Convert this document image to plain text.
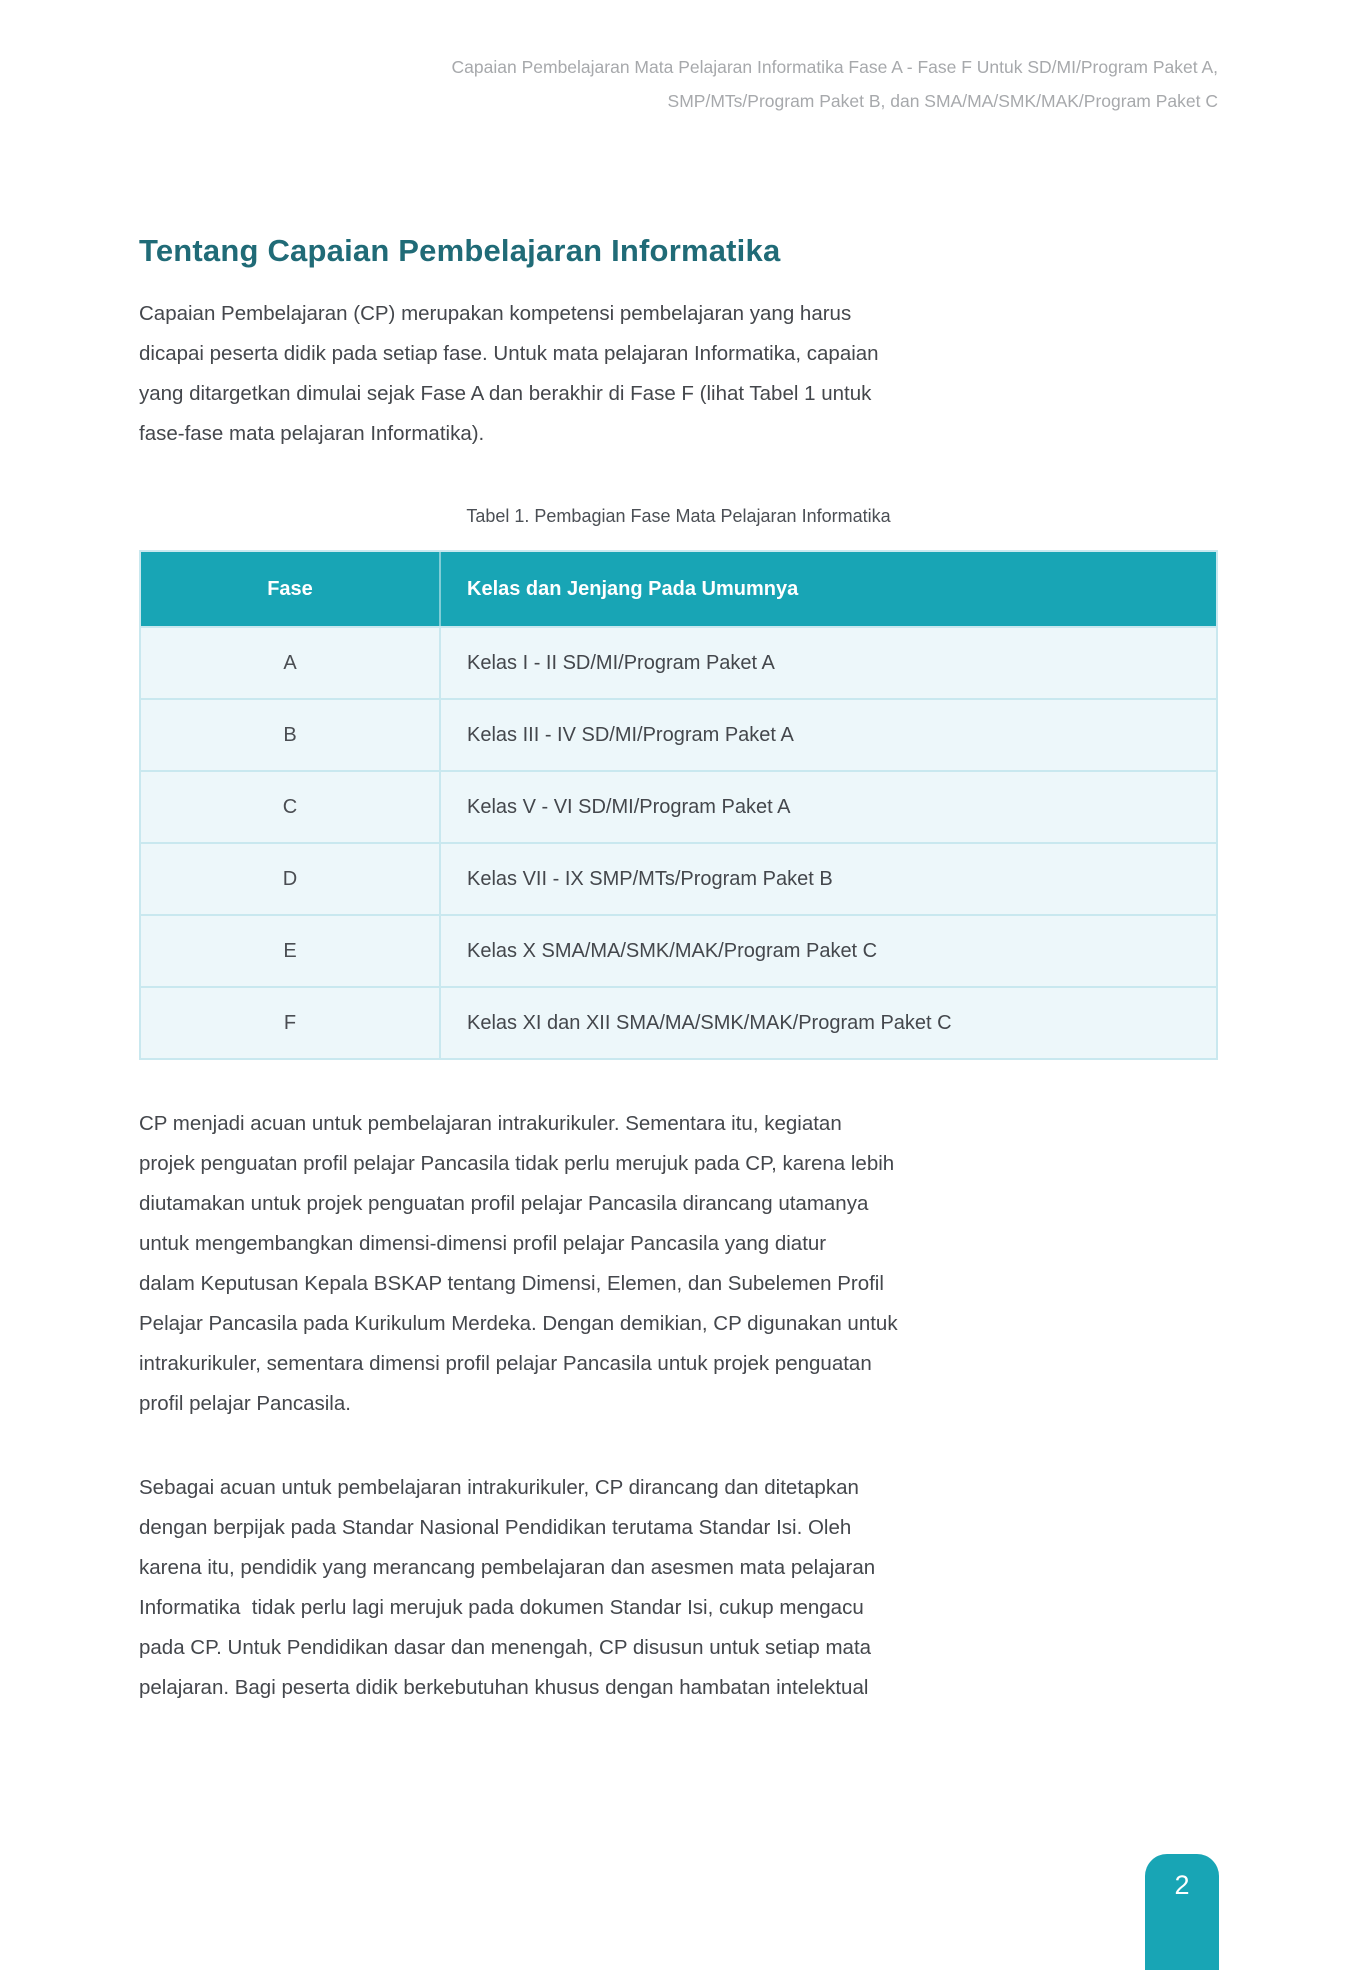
Capaian Pembelajaran Mata Pelajaran Informatika Fase A - Fase F Untuk SD/MI/Program Paket A,
SMP/MTs/Program Paket B, dan SMA/MA/SMK/MAK/Program Paket C
Tentang Capaian Pembelajaran Informatika
Capaian Pembelajaran (CP) merupakan kompetensi pembelajaran yang harus
dicapai peserta didik pada setiap fase. Untuk mata pelajaran Informatika, capaian
yang ditargetkan dimulai sejak Fase A dan berakhir di Fase F (lihat Tabel 1 untuk
fase-fase mata pelajaran Informatika).
Tabel 1. Pembagian Fase Mata Pelajaran Informatika
Fase	Kelas dan Jenjang Pada Umumnya
A	Kelas I - II SD/MI/Program Paket A
B	Kelas III - IV SD/MI/Program Paket A
C	Kelas V - VI SD/MI/Program Paket A
D	Kelas VII - IX SMP/MTs/Program Paket B
E	Kelas X SMA/MA/SMK/MAK/Program Paket C
F	Kelas XI dan XII SMA/MA/SMK/MAK/Program Paket C
CP menjadi acuan untuk pembelajaran intrakurikuler. Sementara itu, kegiatan
projek penguatan profil pelajar Pancasila tidak perlu merujuk pada CP, karena lebih
diutamakan untuk projek penguatan profil pelajar Pancasila dirancang utamanya
untuk mengembangkan dimensi-dimensi profil pelajar Pancasila yang diatur
dalam Keputusan Kepala BSKAP tentang Dimensi, Elemen, dan Subelemen Profil
Pelajar Pancasila pada Kurikulum Merdeka. Dengan demikian, CP digunakan untuk
intrakurikuler, sementara dimensi profil pelajar Pancasila untuk projek penguatan
profil pelajar Pancasila.
Sebagai acuan untuk pembelajaran intrakurikuler, CP dirancang dan ditetapkan
dengan berpijak pada Standar Nasional Pendidikan terutama Standar Isi. Oleh
karena itu, pendidik yang merancang pembelajaran dan asesmen mata pelajaran
Informatika  tidak perlu lagi merujuk pada dokumen Standar Isi, cukup mengacu
pada CP. Untuk Pendidikan dasar dan menengah, CP disusun untuk setiap mata
pelajaran. Bagi peserta didik berkebutuhan khusus dengan hambatan intelektual
2
